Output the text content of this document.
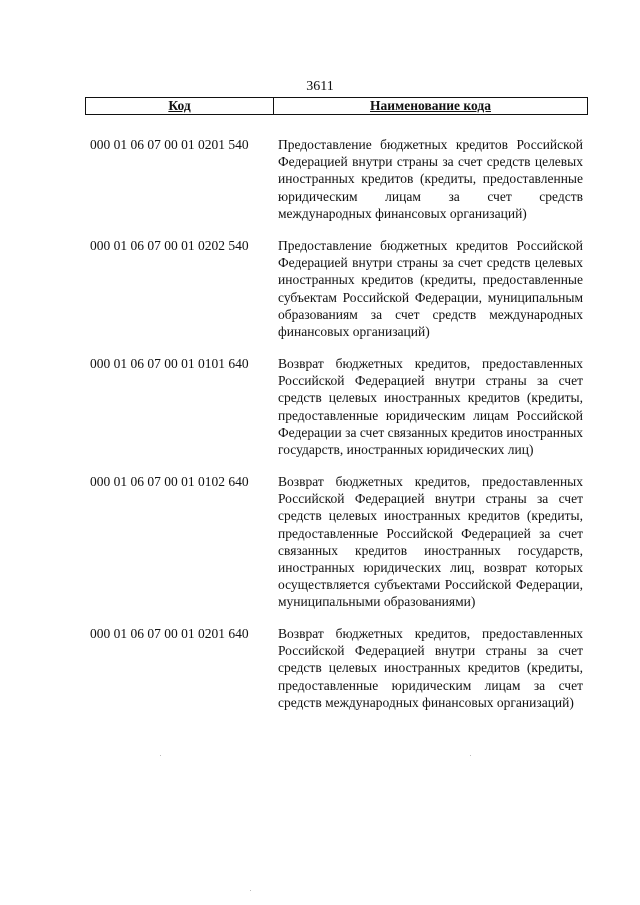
3611
Код	Наименование кода
000 01 06 07 00 01 0201 540	Предоставление бюджетных кредитов Российской Федерацией внутри страны за счет средств целевых иностранных кредитов (кредиты, предоставленные юридическим лицам за счет средств международных финансовых организаций)
000 01 06 07 00 01 0202 540	Предоставление бюджетных кредитов Российской Федерацией внутри страны за счет средств целевых иностранных кредитов (кредиты, предоставленные субъектам Российской Федерации, муниципальным образованиям за счет средств международных финансовых организаций)
000 01 06 07 00 01 0101 640	Возврат бюджетных кредитов, предоставленных Российской Федерацией внутри страны за счет средств целевых иностранных кредитов (кредиты, предоставленные юридическим лицам Российской Федерации за счет связанных кредитов иностранных государств, иностранных юридических лиц)
000 01 06 07 00 01 0102 640	Возврат бюджетных кредитов, предоставленных Российской Федерацией внутри страны за счет средств целевых иностранных кредитов (кредиты, предоставленные Российской Федерацией за счет связанных кредитов иностранных государств, иностранных юридических лиц, возврат которых осуществляется субъектами Российской Федерации, муниципальными образованиями)
000 01 06 07 00 01 0201 640	Возврат бюджетных кредитов, предоставленных Российской Федерацией внутри страны за счет средств целевых иностранных кредитов (кредиты, предоставленные юридическим лицам за счет средств международных финансовых организаций)
